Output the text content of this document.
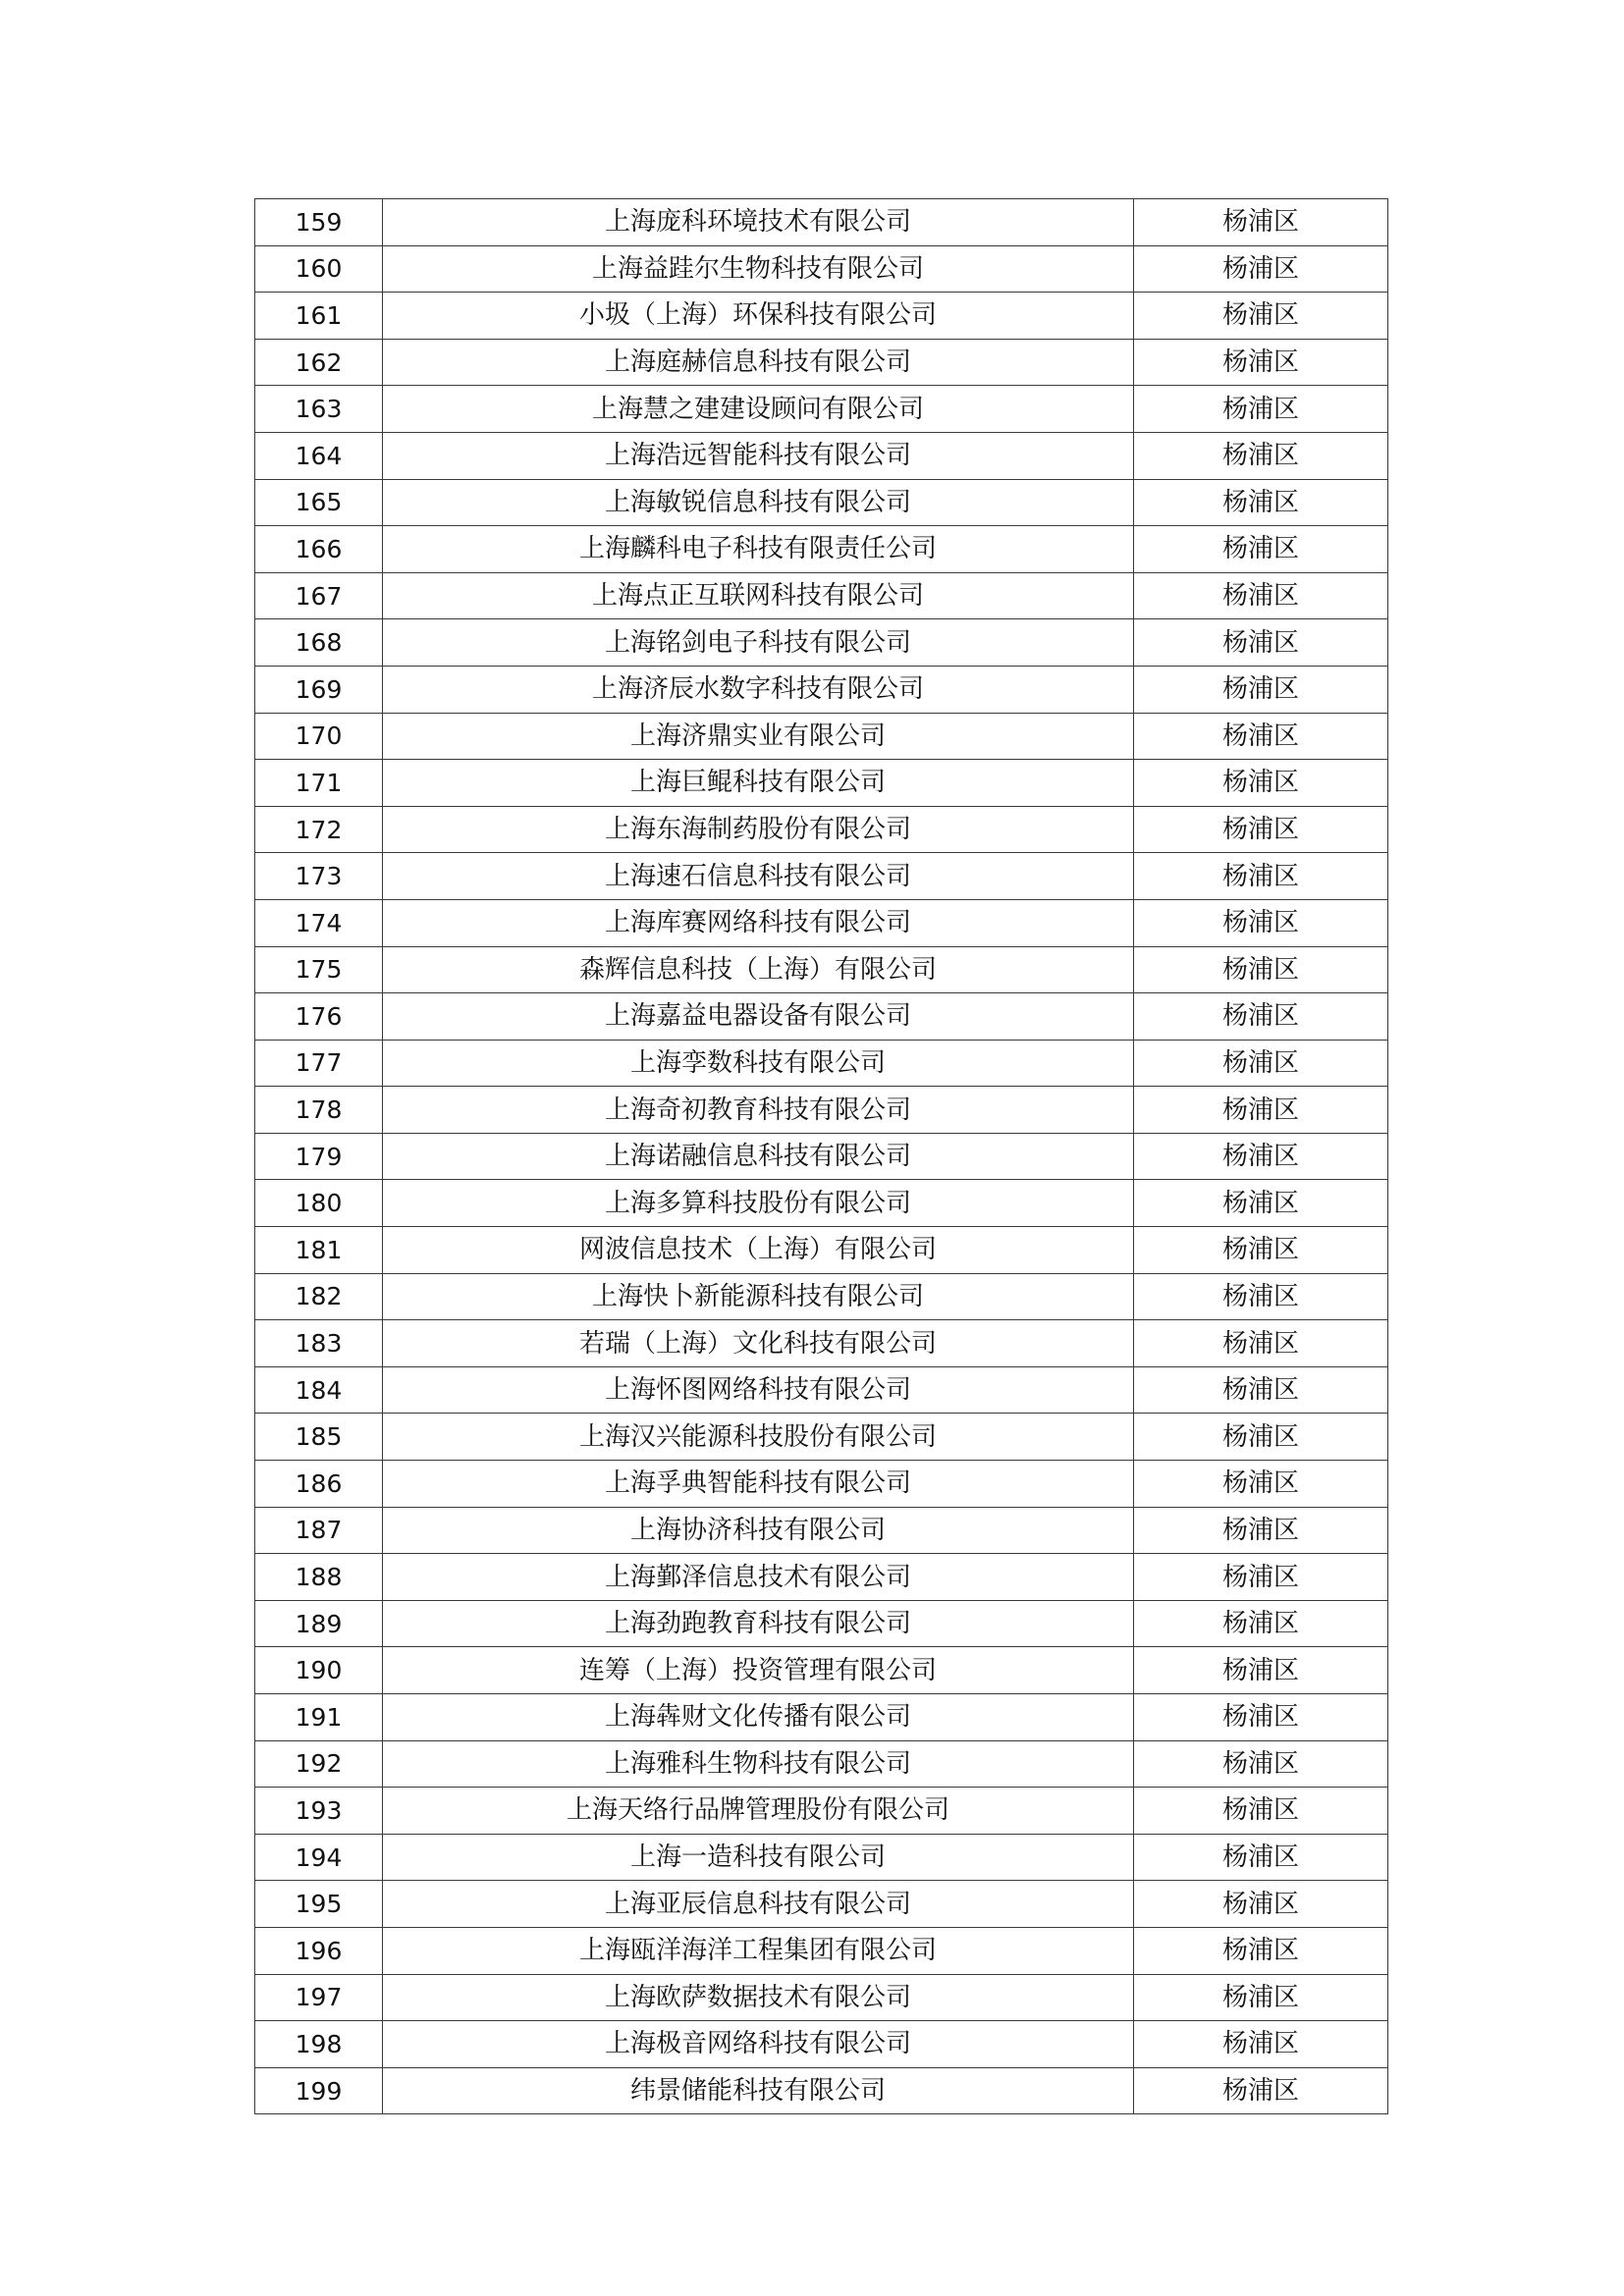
159	上海庞科环境技术有限公司	杨浦区
160	上海益跬尔生物科技有限公司	杨浦区
161	小圾（上海）环保科技有限公司	杨浦区
162	上海庭赫信息科技有限公司	杨浦区
163	上海慧之建建设顾问有限公司	杨浦区
164	上海浩远智能科技有限公司	杨浦区
165	上海敏锐信息科技有限公司	杨浦区
166	上海麟科电子科技有限责任公司	杨浦区
167	上海点正互联网科技有限公司	杨浦区
168	上海铭剑电子科技有限公司	杨浦区
169	上海济辰水数字科技有限公司	杨浦区
170	上海济鼎实业有限公司	杨浦区
171	上海巨鲲科技有限公司	杨浦区
172	上海东海制药股份有限公司	杨浦区
173	上海速石信息科技有限公司	杨浦区
174	上海库赛网络科技有限公司	杨浦区
175	森辉信息科技（上海）有限公司	杨浦区
176	上海嘉益电器设备有限公司	杨浦区
177	上海孪数科技有限公司	杨浦区
178	上海奇初教育科技有限公司	杨浦区
179	上海诺融信息科技有限公司	杨浦区
180	上海多算科技股份有限公司	杨浦区
181	网波信息技术（上海）有限公司	杨浦区
182	上海快卜新能源科技有限公司	杨浦区
183	若瑞（上海）文化科技有限公司	杨浦区
184	上海怀图网络科技有限公司	杨浦区
185	上海汉兴能源科技股份有限公司	杨浦区
186	上海孚典智能科技有限公司	杨浦区
187	上海协济科技有限公司	杨浦区
188	上海鄞泽信息技术有限公司	杨浦区
189	上海劲跑教育科技有限公司	杨浦区
190	连筹（上海）投资管理有限公司	杨浦区
191	上海犇财文化传播有限公司	杨浦区
192	上海雅科生物科技有限公司	杨浦区
193	上海天络行品牌管理股份有限公司	杨浦区
194	上海一造科技有限公司	杨浦区
195	上海亚辰信息科技有限公司	杨浦区
196	上海瓯洋海洋工程集团有限公司	杨浦区
197	上海欧萨数据技术有限公司	杨浦区
198	上海极音网络科技有限公司	杨浦区
199	纬景储能科技有限公司	杨浦区
